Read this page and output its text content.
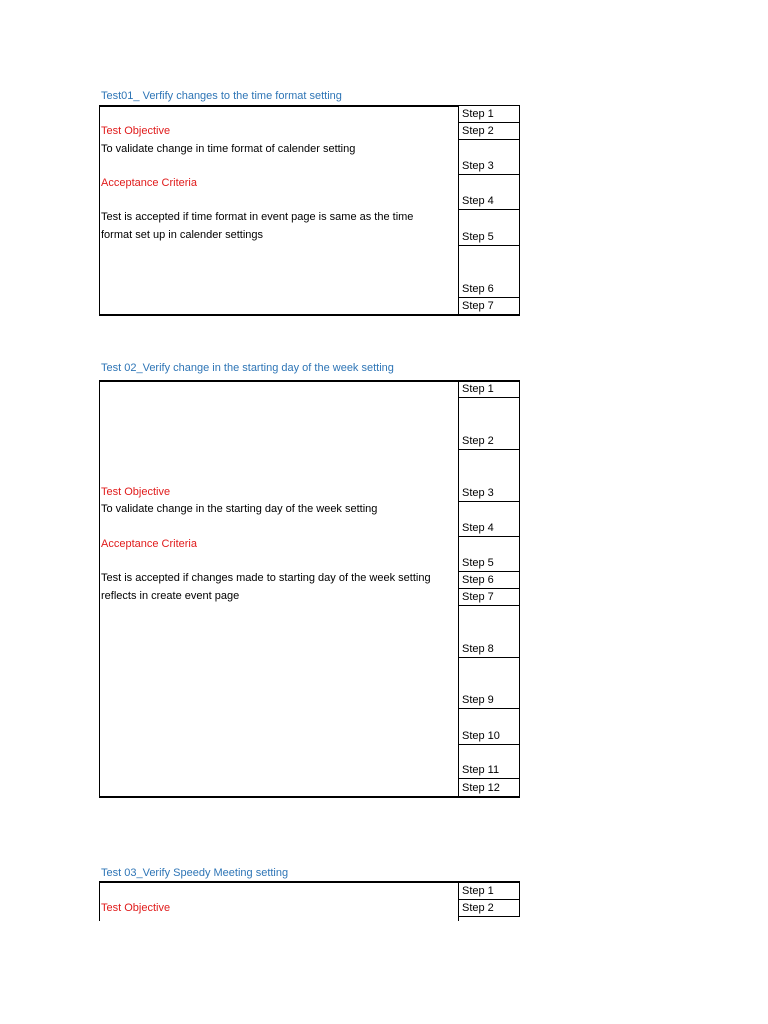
Test01_ Verfify changes to the time format setting
Test Objective
To validate change in time format of calender setting
Acceptance Criteria
Test is accepted if time format in event page is same as the time
format set up in calender settings
Step 1
Step 2
Step 3
Step 4
Step 5
Step 6
Step 7
Test 02_Verify change in the starting day of the week setting
Test Objective
To validate change in the starting day of the week setting
Acceptance Criteria
Test is accepted if changes made to starting day of the week setting
reflects in create event page
Step 1
Step 2
Step 3
Step 4
Step 5
Step 6
Step 7
Step 8
Step 9
Step 10
Step 11
Step 12
Test 03_Verify Speedy Meeting setting
Test Objective
Step 1
Step 2
